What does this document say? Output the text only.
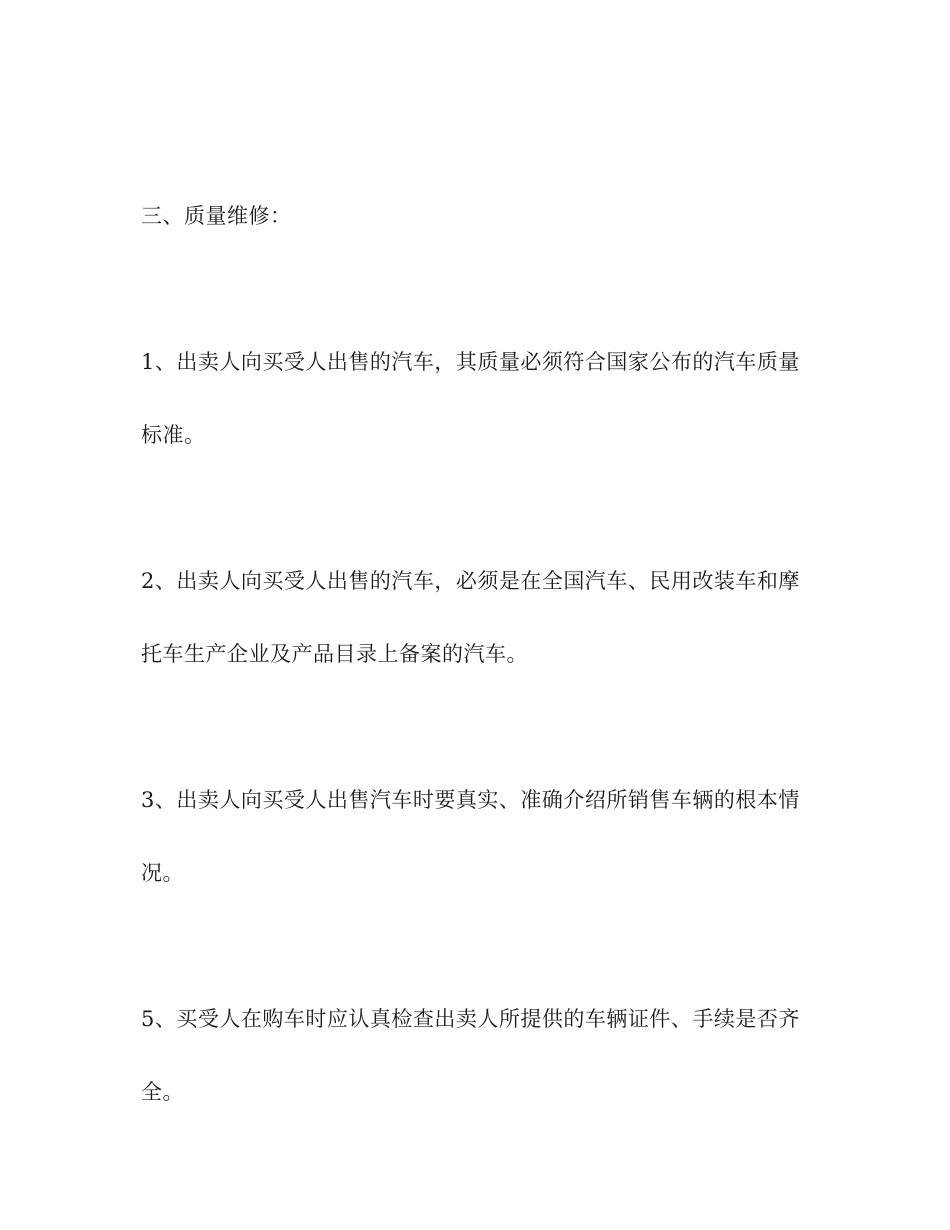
三、质量维修：
1、出卖人向买受人出售的汽车，其质量必须符合国家公布的汽车质量
标准。
2、出卖人向买受人出售的汽车，必须是在全国汽车、民用改装车和摩
托车生产企业及产品目录上备案的汽车。
3、出卖人向买受人出售汽车时要真实、准确介绍所销售车辆的根本情
况。
5、买受人在购车时应认真检查出卖人所提供的车辆证件、手续是否齐
全。
